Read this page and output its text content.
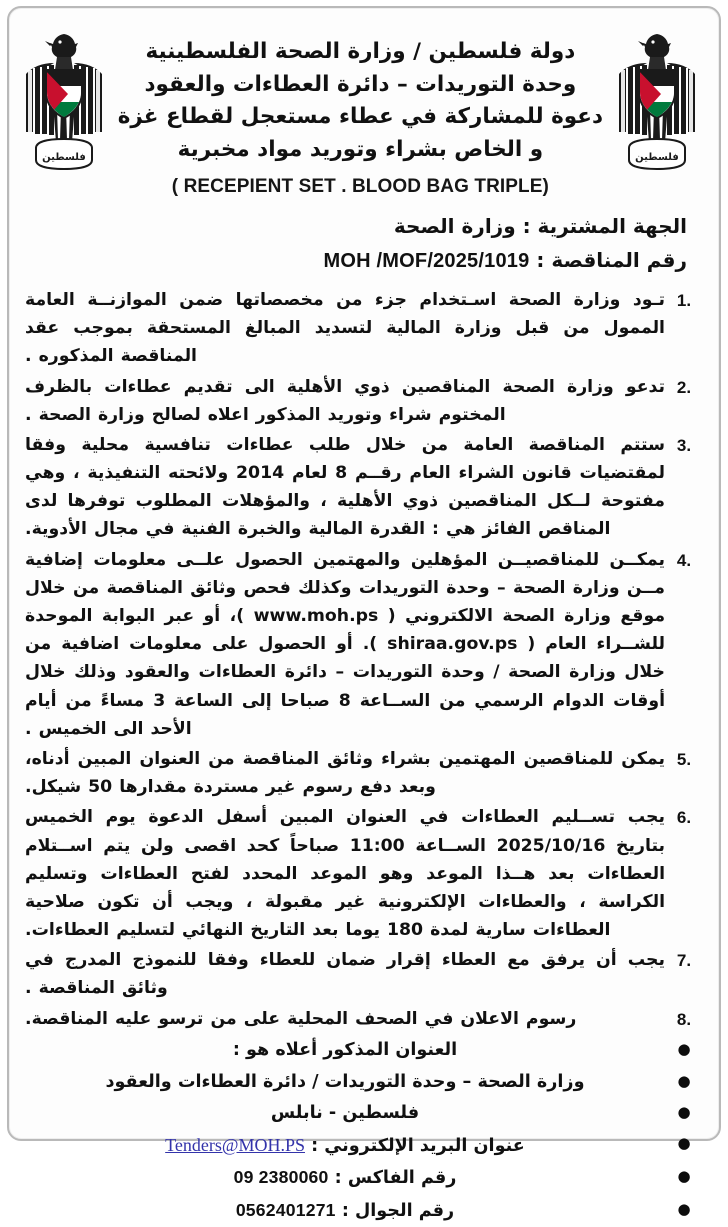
فلسطين
دولة فلسطين / وزارة الصحة الفلسطينية
وحدة التوريدات – دائرة العطاءات والعقود
دعوة للمشاركة في عطاء مستعجل لقطاع غزة
و الخاص بشراء وتوريد مواد مخبرية
( RECEPIENT SET . BLOOD BAG TRIPLE)
فلسطين
الجهة المشترية : وزارة الصحة
رقم المناقصة : MOH /MOF/2025/1019
1.
تـود وزارة الصحة اسـتخدام جزء من مخصصاتها ضمن الموازنــة العامة الممول من قبل وزارة المالية لتسديد المبالغ المستحقة بموجب عقد المناقصة المذكوره .
2.
تدعو وزارة الصحة المناقصين ذوي الأهلية الى تقديم عطاءات بالظرف المختوم شراء وتوريد المذكور اعلاه لصالح وزارة الصحة .
3.
ستتم المناقصة العامة من خلال طلب عطاءات تنافسية محلية وفقا لمقتضيات قانون الشراء العام رقــم 8 لعام 2014 ولائحته التنفيذية ، وهي مفتوحة لــكل المناقصين ذوي الأهلية ، والمؤهلات المطلوب توفرها لدى المناقص الفائز هي : القدرة المالية والخبرة الفنية في مجال الأدوية.
4.
يمكــن للمناقصيــن المؤهلين والمهتمين الحصول علــى معلومات إضافية مــن وزارة الصحة – وحدة التوريدات وكذلك فحص وثائق المناقصة من خلال موقع وزارة الصحة الالكتروني ( www.moh.ps )، أو عبر البوابة الموحدة للشــراء العام ( shiraa.gov.ps ). أو الحصول على معلومات اضافية من خلال وزارة الصحة / وحدة التوريدات – دائرة العطاءات والعقود وذلك خلال أوقات الدوام الرسمي من الســاعة 8 صباحا إلى الساعة 3 مساءً من أيام الأحد الى الخميس .
5.
يمكن للمناقصين المهتمين بشراء وثائق المناقصة من العنوان المبين أدناه، وبعد دفع رسوم غير مستردة مقدارها 50 شيكل.
6.
يجب تســليم العطاءات في العنوان المبين أسفل الدعوة يوم الخميس بتاريخ 2025/10/16 الســاعة 11:00 صباحاً كحد اقصى ولن يتم اســتلام العطاءات بعد هــذا الموعد وهو الموعد المحدد لفتح العطاءات وتسليم الكراسة ، والعطاءات الإلكترونية غير مقبولة ، ويجب أن تكون صلاحية العطاءات سارية لمدة 180 يوما بعد التاريخ النهائي لتسليم العطاءات.
7.
يجب أن يرفق مع العطاء إقرار ضمان للعطاء وفقا للنموذج المدرج في وثائق المناقصة .
8.
رسوم الاعلان في الصحف المحلية على من ترسو عليه المناقصة.
●
العنوان المذكور أعلاه هو :
●
وزارة الصحة – وحدة التوريدات / دائرة العطاءات والعقود
●
فلسطين - نابلس
●
عنوان البريد الإلكتروني : Tenders@MOH.PS
●
رقم الفاكس : 09 2380060
●
رقم الجوال : 0562401271
